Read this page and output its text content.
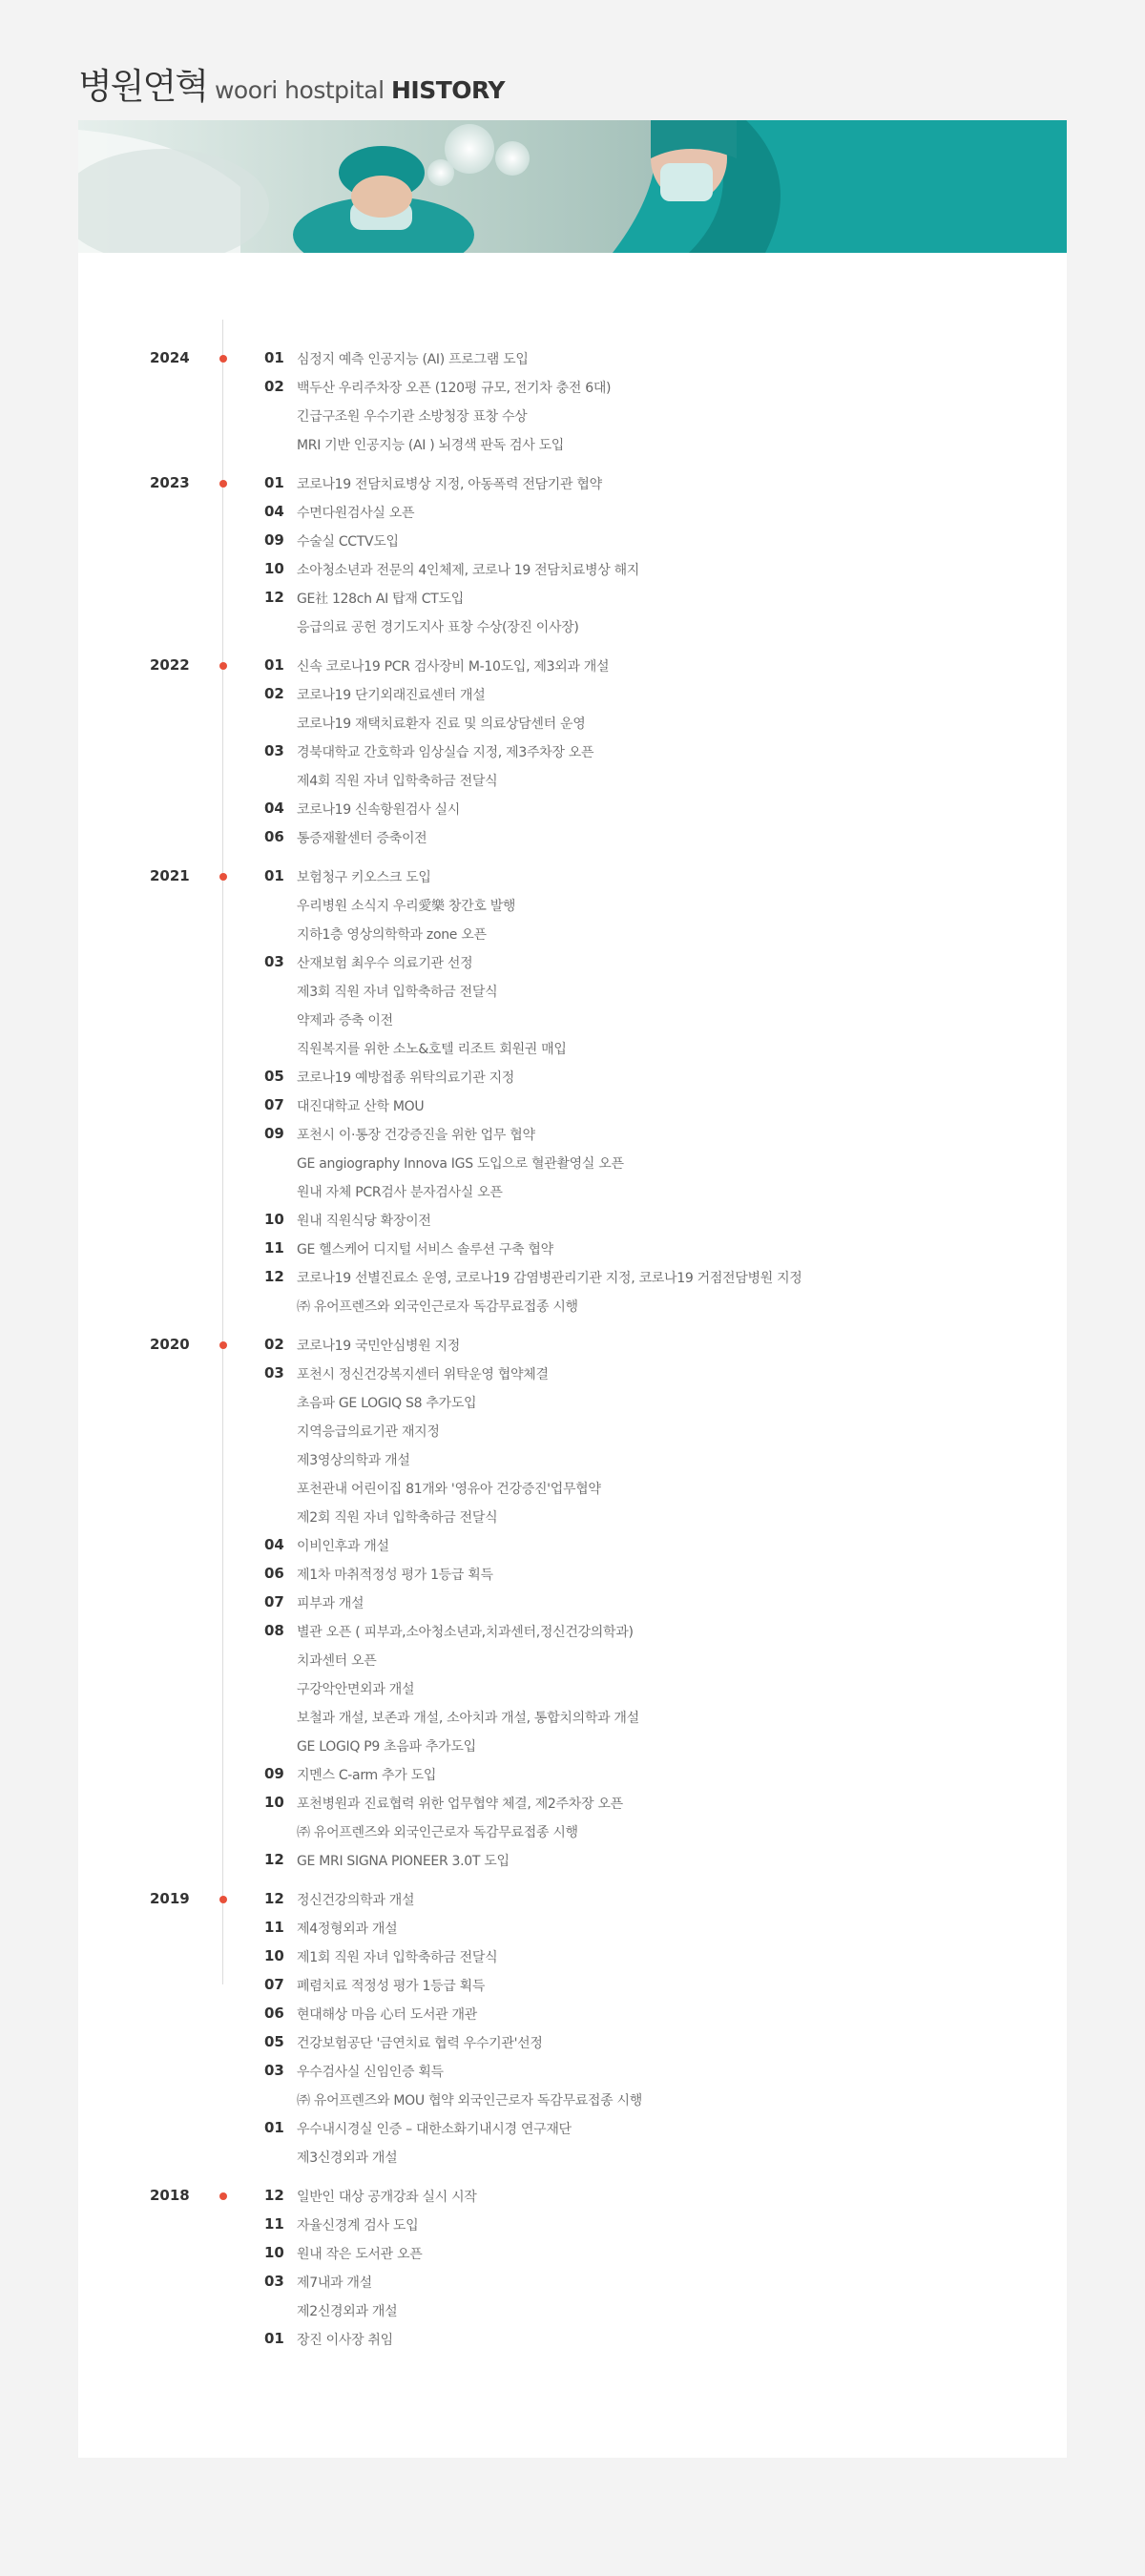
병원연혁 woori hostpital HISTORY
2024	01 심정지 예측 인공지능 (AI) 프로그램 도입
02 백두산 우리주차장 오픈 (120평 규모, 전기차 충전 6대)
긴급구조원 우수기관 소방청장 표창 수상
MRI 기반 인공지능 (AI ) 뇌경색 판독 검사 도입
2023	01 코로나19 전담치료병상 지정, 아동폭력 전담기관 협약
04 수면다원검사실 오픈
09 수술실 CCTV도입
10 소아청소년과 전문의 4인체제, 코로나 19 전담치료병상 해지
12 GE社 128ch AI 탑재 CT도입
응급의료 공헌 경기도지사 표창 수상(장진 이사장)
2022	01 신속 코로나19 PCR 검사장비 M-10도입, 제3외과 개설
02 코로나19 단기외래진료센터 개설
코로나19 재택치료환자 진료 및 의료상담센터 운영
03 경북대학교 간호학과 임상실습 지정, 제3주차장 오픈
제4회 직원 자녀 입학축하금 전달식
04 코로나19 신속항원검사 실시
06 통증재활센터 증축이전
2021	01 보험청구 키오스크 도입
우리병원 소식지 우리愛樂 창간호 발행
지하1층 영상의학학과 zone 오픈
03 산재보험 최우수 의료기관 선정
제3회 직원 자녀 입학축하금 전달식
약제과 증축 이전
직원복지를 위한 소노&호텔 리조트 회원권 매입
05 코로나19 예방접종 위탁의료기관 지정
07 대진대학교 산학 MOU
09 포천시 이·통장 건강증진을 위한 업무 협약
GE angiography Innova IGS 도입으로 혈관촬영실 오픈
원내 자체 PCR검사 분자검사실 오픈
10 원내 직원식당 확장이전
11 GE 헬스케어 디지털 서비스 솔루션 구축 협약
12 코로나19 선별진료소 운영, 코로나19 감염병관리기관 지정, 코로나19 거점전담병원 지정
㈜ 유어프렌즈와 외국인근로자 독감무료접종 시행
2020	02 코로나19 국민안심병원 지정
03 포천시 정신건강복지센터 위탁운영 협약체결
초음파 GE LOGIQ S8 추가도입
지역응급의료기관 재지정
제3영상의학과 개설
포천관내 어린이집 81개와 '영유아 건강증진'업무협약
제2회 직원 자녀 입학축하금 전달식
04 이비인후과 개설
06 제1차 마취적정성 평가 1등급 획득
07 피부과 개설
08 별관 오픈 ( 피부과,소아청소년과,치과센터,정신건강의학과)
치과센터 오픈
구강악안면외과 개설
보철과 개설, 보존과 개설, 소아치과 개설, 통합치의학과 개설
GE LOGIQ P9 초음파 추가도입
09 지멘스 C-arm 추가 도입
10 포천병원과 진료협력 위한 업무협약 체결, 제2주차장 오픈
㈜ 유어프렌즈와 외국인근로자 독감무료접종 시행
12 GE MRI SIGNA PIONEER 3.0T 도입
2019	12 정신건강의학과 개설
11 제4정형외과 개설
10 제1회 직원 자녀 입학축하금 전달식
07 폐렴치료 적정성 평가 1등급 획득
06 현대해상 마음 心터 도서관 개관
05 건강보험공단 '금연치료 협력 우수기관'선정
03 우수검사실 신임인증 획득
㈜ 유어프렌즈와 MOU 협약 외국인근로자 독감무료접종 시행
01 우수내시경실 인증 – 대한소화기내시경 연구재단
제3신경외과 개설
2018	12 일반인 대상 공개강좌 실시 시작
11 자율신경계 검사 도입
10 원내 작은 도서관 오픈
03 제7내과 개설
제2신경외과 개설
01 장진 이사장 취임
